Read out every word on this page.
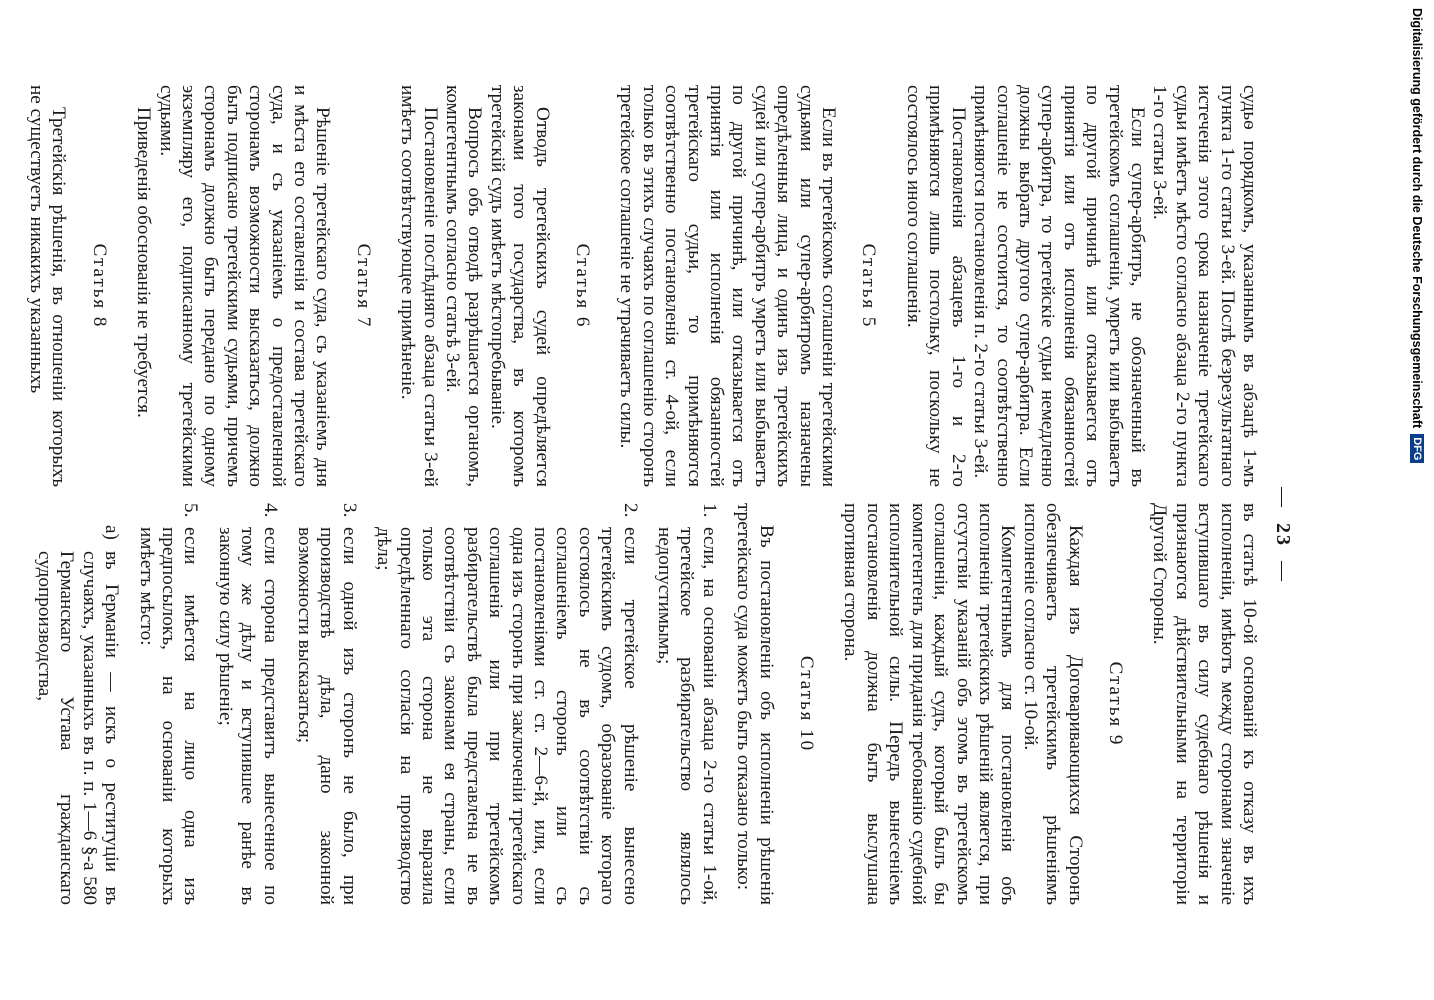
—23—

судьѳ порядкомъ, указаннымъ въ абзацѣ 1-мъ пункта 1-го статьи 3-ей. Послѣ безрезультатнаго истеченія этого срока назначеніе третейскаго судьи имѣетъ мѣсто согласно абзаца 2-го пункта 1-го статьи 3-ей.

Если супер-арбитръ, не обозначенный въ третейскомъ соглашеніи, умретъ или выбываетъ по другой причинѣ или отказывается отъ принятія или отъ исполненія обязанностей супер-арбитра, то третейскіе судьи немедленно должны выбрать другого супер-арбитра. Если соглашеніе не состоится, то соотвѣтственно примѣняются постановленія п. 2-го статьи 3-ей.

Постановленія абзацевъ 1-го и 2-го примѣняются лишь постольку, поскольку не состоялось иного соглашенія.

Статья 5

Если въ третейскомъ соглашеніи третейскими судьями или супер-арбитромъ назначены опредѣленныя лица, и одинъ изъ третейскихъ судей или супер-арбитръ умретъ или выбываетъ по другой причинѣ, или отказывается отъ принятія или исполненія обязанностей третейскаго судьи, то примѣняются соотвѣтственно постановленія ст. 4-ой, если только въ этихъ случаяхъ по соглашенію сторонъ третейское соглашеніе не утрачиваетъ силы.

Статья 6

Отводъ третейскихъ судей опредѣляется законами того государства, въ которомъ третейскій судъ имѣетъ мѣстопребываніе.

Вопросъ объ отводѣ разрѣшается органомъ, компетентнымъ согласно статьѣ 3-ей.

Постановленіе послѣдняго абзаца статьи 3-ей имѣетъ соотвѣтствующее примѣненіе.

Статья 7

Рѣшеніе третейскаго суда, съ указаніемъ дня и мѣста его составленія и состава третейскаго суда, и съ указаніемъ о предоставленной сторонамъ возможности высказаться, должно быть подписано третейскими судьями, причемъ сторонамъ должно быть передано по одному экземпляру его, подписанному третейскими судьями.

Приведенія обоснованія не требуется.

Статья 8

Третейскія рѣшенія, въ отношеніи которыхъ не существуетъ никакихъ указанныхъ

въ статьѣ 10-ой основаній къ отказу въ ихъ исполненіи, имѣютъ между сторонами значеніе вступившаго въ силу судебнаго рѣшенія и признаются дѣйствительными на территоріи Другой Стороны.

Статья 9

Каждая изъ Договаривающихся Сторонъ обезпечиваетъ третейскимъ рѣшеніямъ исполненіе согласно ст. 10-ой.

Компетентнымъ для постановленія объ исполненіи третейскихъ рѣшеній является, при отсутствіи указаній объ этомъ въ третейскомъ соглашеніи, каждый судъ, который былъ бы компетентенъ для приданія требованію судебной исполнительной силы. Передъ вынесеніемъ постановленія должна быть выслушана противная сторона.

Статья 10

Въ постановленіи объ исполненіи рѣшенія третейскаго суда можетъ быть отказано только:

1.
если, на основаніи абзаца 2-го статьи 1-ой, третейское разбирательство являлось недопустимымъ;
2.
если третейское рѣшеніе вынесено третейскимъ судомъ, образованіе котораго состоялось не въ соотвѣтствіи съ соглашеніемъ сторонъ или съ постановленіями ст. ст. 2—6-й, или, если одна изъ сторонъ при заключеніи третейскаго соглашенія или при третейскомъ разбирательствѣ была представлена не въ соотвѣтствіи съ законами ея страны, если только эта сторона не выразила опредѣленнаго согласія на производство дѣла;
3.
если одной изъ сторонъ не было, при производствѣ дѣла, дано законной возможности высказаться;
4.
если сторона представитъ вынесенное по тому же дѣлу и вступившее ранѣе въ законную силу рѣшеніе;
5.
если имѣется на лицо одна изъ предпосылокъ, на основаніи которыхъ имѣетъ мѣсто:
а)
въ Германіи — искъ о реституціи въ случаяхъ, указанныхъ въ п. п. 1—6 §-а 580 Германскаго Устава гражданскаго судопроизводства,
Digitalisierung gefördert durch die Deutsche Forschungsgemeinschaft
DFG
